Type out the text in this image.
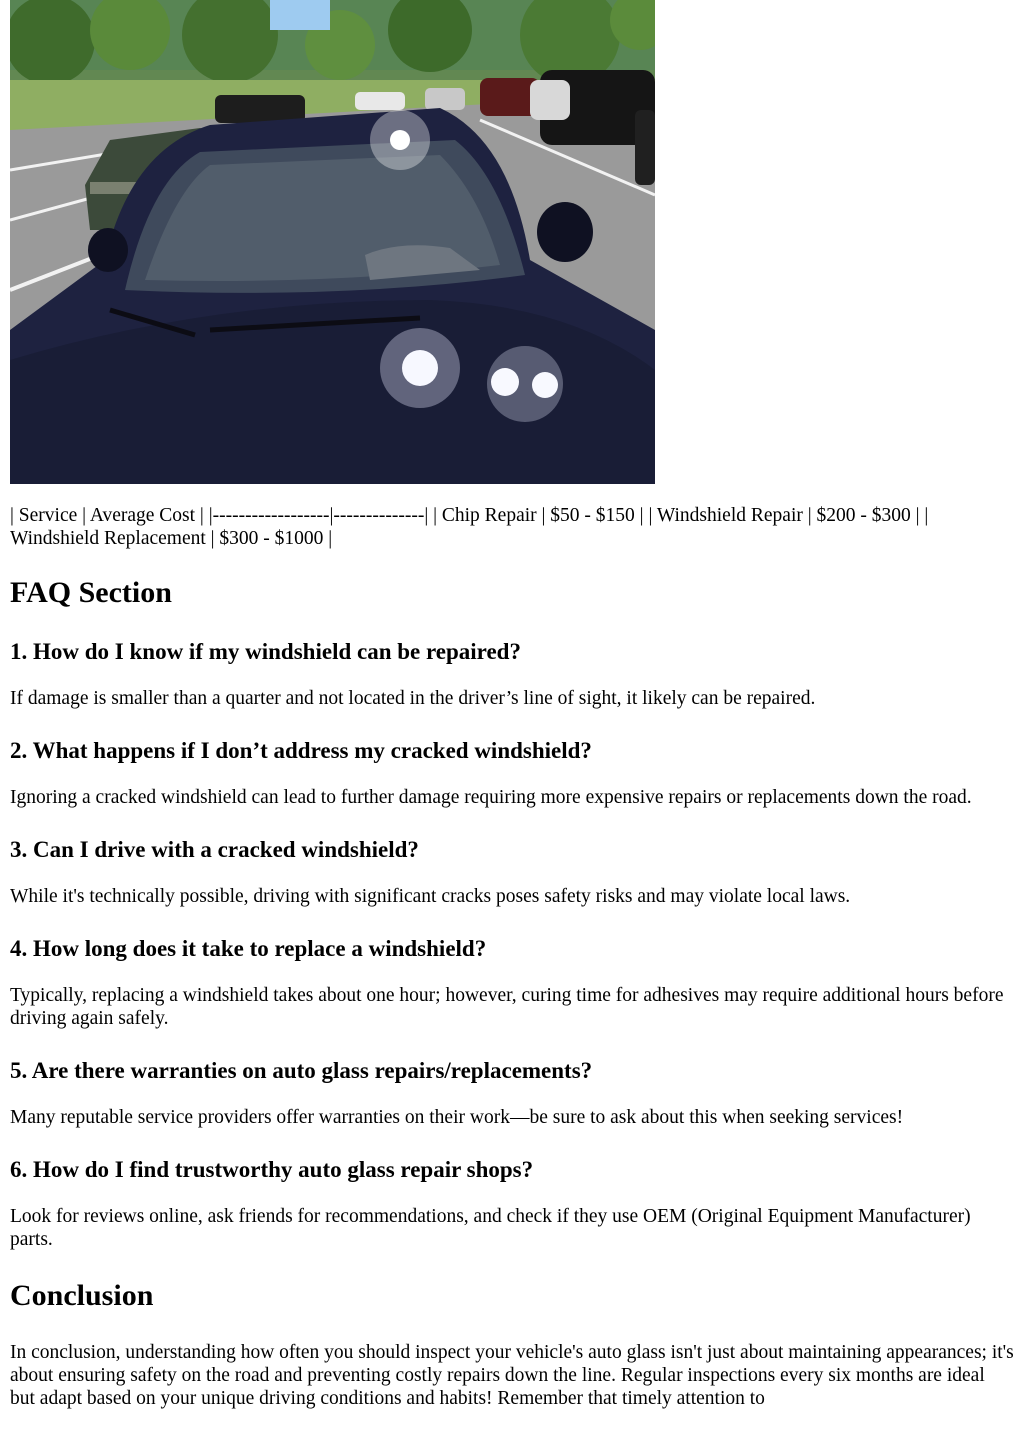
| Service | Average Cost | |------------------|--------------| | Chip Repair | $50 - $150 | | Windshield Repair | $200 - $300 | | Windshield Replacement | $300 - $1000 |
FAQ Section
1. How do I know if my windshield can be repaired?

If damage is smaller than a quarter and not located in the driver’s line of sight, it likely can be repaired.

2. What happens if I don’t address my cracked windshield?

Ignoring a cracked windshield can lead to further damage requiring more expensive repairs or replacements down the road.

3. Can I drive with a cracked windshield?

While it's technically possible, driving with significant cracks poses safety risks and may violate local laws.

4. How long does it take to replace a windshield?

Typically, replacing a windshield takes about one hour; however, curing time for adhesives may require additional hours before driving again safely.

5. Are there warranties on auto glass repairs/replacements?

Many reputable service providers offer warranties on their work—be sure to ask about this when seeking services!

6. How do I find trustworthy auto glass repair shops?

Look for reviews online, ask friends for recommendations, and check if they use OEM (Original Equipment Manufacturer) parts.

Conclusion

In conclusion, understanding how often you should inspect your vehicle's auto glass isn't just about maintaining appearances; it's about ensuring safety on the road and preventing costly repairs down the line. Regular inspections every six months are ideal but adapt based on your unique driving conditions and habits! Remember that timely attention to
